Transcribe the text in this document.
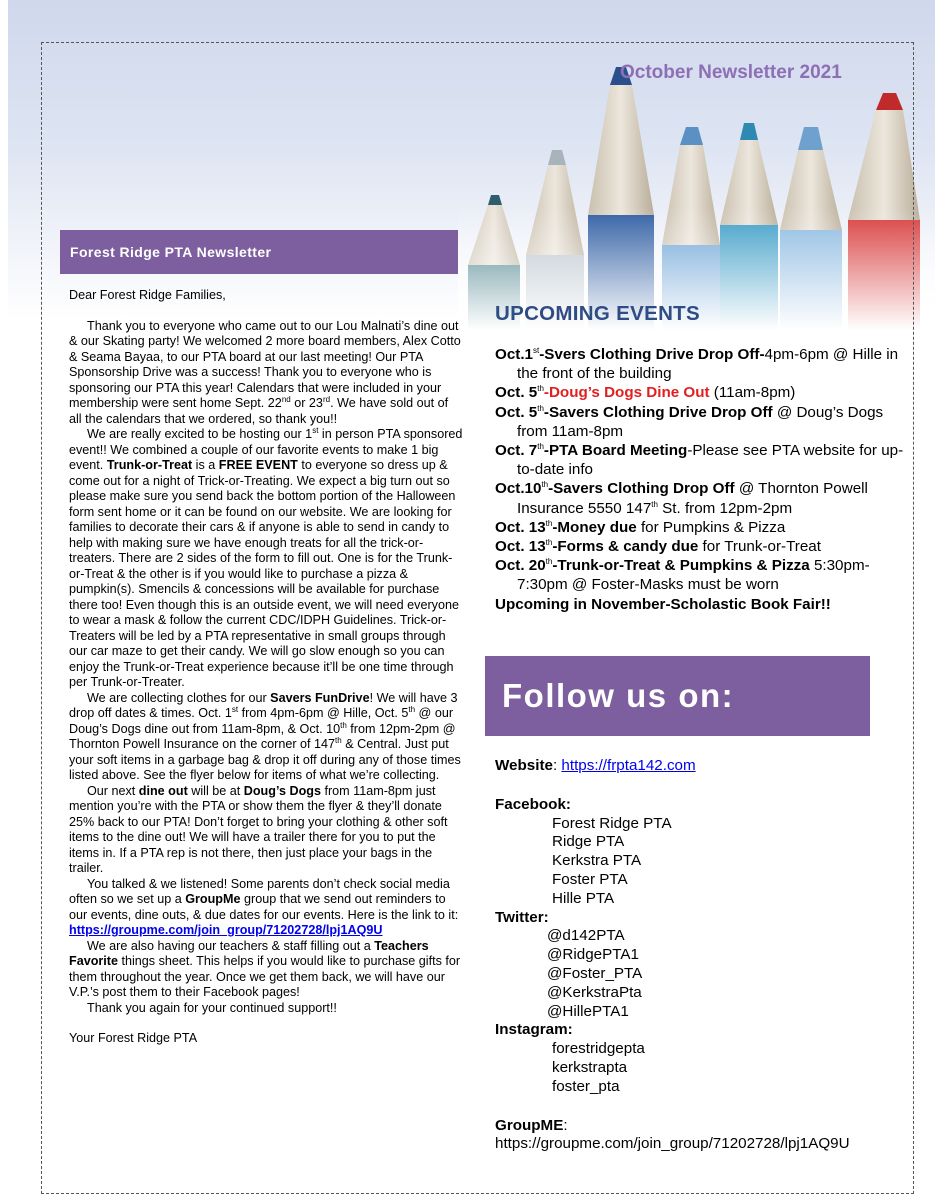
October Newsletter 2021
Forest Ridge PTA Newsletter

Dear Forest Ridge Families,

Thank you to everyone who came out to our Lou Malnati’s dine out & our Skating party! We welcomed 2 more board members, Alex Cotto & Seama Bayaa, to our PTA board at our last meeting! Our PTA Sponsorship Drive was a success! Thank you to everyone who is sponsoring our PTA this year! Calendars that were included in your membership were sent home Sept. 22nd or 23rd. We have sold out of all the calendars that we ordered, so thank you!!

We are really excited to be hosting our 1st in person PTA sponsored event!! We combined a couple of our favorite events to make 1 big event. Trunk-or-Treat is a FREE EVENT to everyone so dress up & come out for a night of Trick-or-Treating. We expect a big turn out so please make sure you send back the bottom portion of the Halloween form sent home or it can be found on our website. We are looking for families to decorate their cars & if anyone is able to send in candy to help with making sure we have enough treats for all the trick-or-treaters. There are 2 sides of the form to fill out. One is for the Trunk-or-Treat & the other is if you would like to purchase a pizza & pumpkin(s). Smencils & concessions will be available for purchase there too! Even though this is an outside event, we will need everyone to wear a mask & follow the current CDC/IDPH Guidelines. Trick-or-Treaters will be led by a PTA representative in small groups through our car maze to get their candy. We will go slow enough so you can enjoy the Trunk-or-Treat experience because it’ll be one time through per Trunk-or-Treater.

We are collecting clothes for our Savers FunDrive! We will have 3 drop off dates & times. Oct. 1st from 4pm-6pm @ Hille, Oct. 5th @ our Doug’s Dogs dine out from 11am-8pm, & Oct. 10th from 12pm-2pm @ Thornton Powell Insurance on the corner of 147th & Central. Just put your soft items in a garbage bag & drop it off during any of those times listed above. See the flyer below for items of what we’re collecting.

Our next dine out will be at Doug’s Dogs from 11am-8pm just mention you’re with the PTA or show them the flyer & they’ll donate 25% back to our PTA! Don’t forget to bring your clothing & other soft items to the dine out! We will have a trailer there for you to put the items in. If a PTA rep is not there, then just place your bags in the trailer.

You talked & we listened! Some parents don’t check social media often so we set up a GroupMe group that we send out reminders to our events, dine outs, & due dates for our events. Here is the link to it:

https://groupme.com/join_group/71202728/lpj1AQ9U

We are also having our teachers & staff filling out a Teachers Favorite things sheet. This helps if you would like to purchase gifts for them throughout the year. Once we get them back, we will have our V.P.’s post them to their Facebook pages!

Thank you again for your continued support!!

Your Forest Ridge PTA

UPCOMING EVENTS

Oct.1st-Svers Clothing Drive Drop Off-4pm-6pm @ Hille in the front of the building

Oct. 5th-Doug’s Dogs Dine Out (11am-8pm)

Oct. 5th-Savers Clothing Drive Drop Off @ Doug’s Dogs from 11am-8pm

Oct. 7th-PTA Board Meeting-Please see PTA website for up-to-date info

Oct.10th-Savers Clothing Drop Off @ Thornton Powell Insurance 5550 147th St. from 12pm-2pm

Oct. 13th-Money due for Pumpkins & Pizza

Oct. 13th-Forms & candy due for Trunk-or-Treat

Oct. 20th-Trunk-or-Treat & Pumpkins & Pizza 5:30pm-7:30pm @ Foster-Masks must be worn

Upcoming in November-Scholastic Book Fair!!

Follow us on:

Website: https://frpta142.com

Facebook:

Forest Ridge PTA

Ridge PTA

Kerkstra PTA

Foster PTA

Hille PTA

Twitter:

@d142PTA

@RidgePTA1

@Foster_PTA

@KerkstraPta

@HillePTA1

Instagram:

forestridgepta

kerkstrapta

foster_pta

GroupME:

https://groupme.com/join_group/71202728/lpj1AQ9U
